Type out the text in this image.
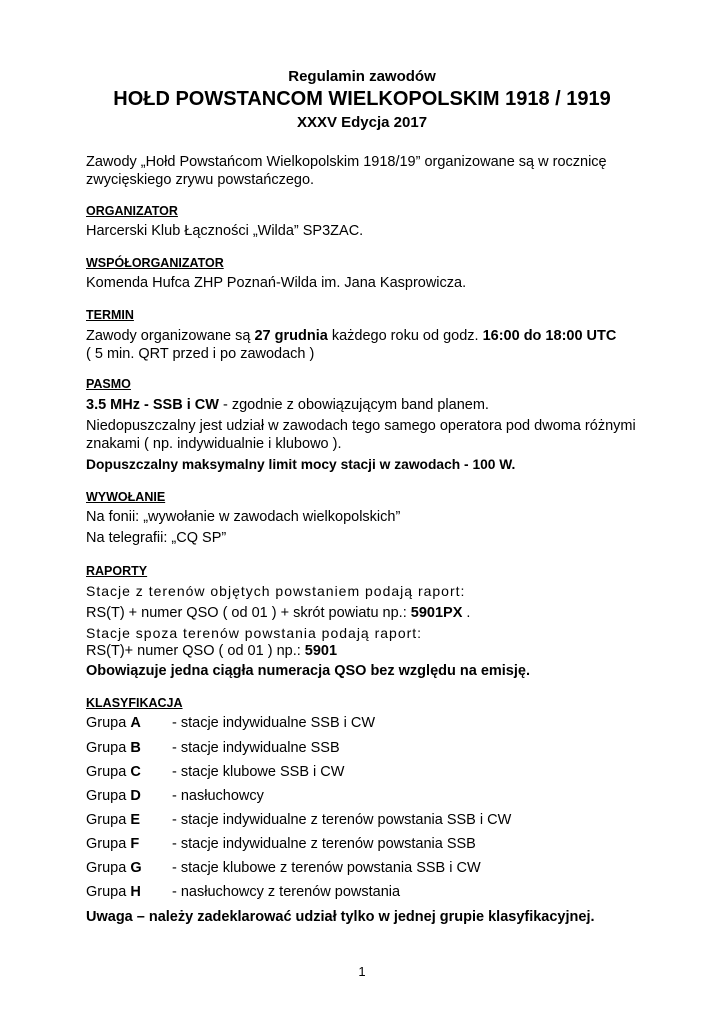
Regulamin zawodów
HOŁD POWSTANCOM WIELKOPOLSKIM 1918 / 1919
XXXV Edycja 2017
Zawody „Hołd Powstańcom Wielkopolskim 1918/19” organizowane są w rocznicę
zwycięskiego zrywu powstańczego.
ORGANIZATOR
Harcerski Klub Łączności „Wilda” SP3ZAC.
WSPÓŁORGANIZATOR
Komenda Hufca ZHP Poznań-Wilda im. Jana Kasprowicza.
TERMIN
Zawody organizowane są 27 grudnia każdego roku od godz. 16:00 do 18:00 UTC
( 5 min. QRT przed i po zawodach )
PASMO
3.5 MHz - SSB i CW - zgodnie z obowiązującym band planem.
Niedopuszczalny jest udział w zawodach tego samego operatora pod dwoma różnymi
znakami ( np. indywidualnie i klubowo ).
Dopuszczalny maksymalny limit mocy stacji w zawodach - 100 W.
WYWOŁANIE
Na fonii: „wywołanie w zawodach wielkopolskich”
Na telegrafii: „CQ SP”
RAPORTY
Stacje z terenów objętych powstaniem podają raport:
RS(T) + numer QSO ( od 01 ) + skrót powiatu np.: 5901PX .
Stacje spoza terenów powstania podają raport:
RS(T)+ numer QSO ( od 01 ) np.: 5901
Obowiązuje jedna ciągła numeracja QSO bez względu na emisję.
KLASYFIKACJA
Grupa A - stacje indywidualne SSB i CW
Grupa B - stacje indywidualne SSB
Grupa C - stacje klubowe SSB i CW
Grupa D - nasłuchowcy
Grupa E - stacje indywidualne z terenów powstania SSB i CW
Grupa F - stacje indywidualne z terenów powstania SSB
Grupa G - stacje klubowe z terenów powstania SSB i CW
Grupa H - nasłuchowcy z terenów powstania
Uwaga – należy zadeklarować udział tylko w jednej grupie klasyfikacyjnej.
1
